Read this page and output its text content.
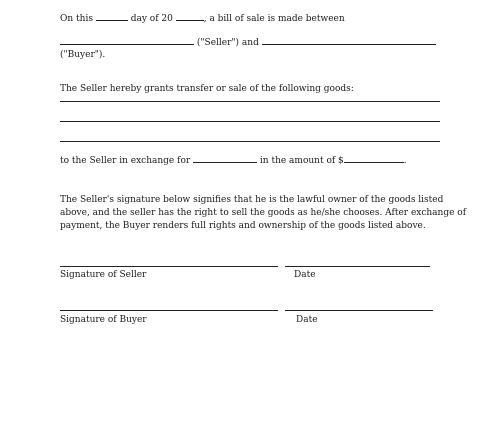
On this	day of 20	, a bill of sale is made between
("Seller") and
("Buyer").
The Seller hereby grants transfer or sale of the following goods:
to the Seller in exchange for	in the amount of $	.
The Seller's signature below signifies that he is the lawful owner of the goods listed
above, and the seller has the right to sell the goods as he/she chooses. After exchange of
payment, the Buyer renders full rights and ownership of the goods listed above.
Signature of Seller	Date
Signature of Buyer	Date
